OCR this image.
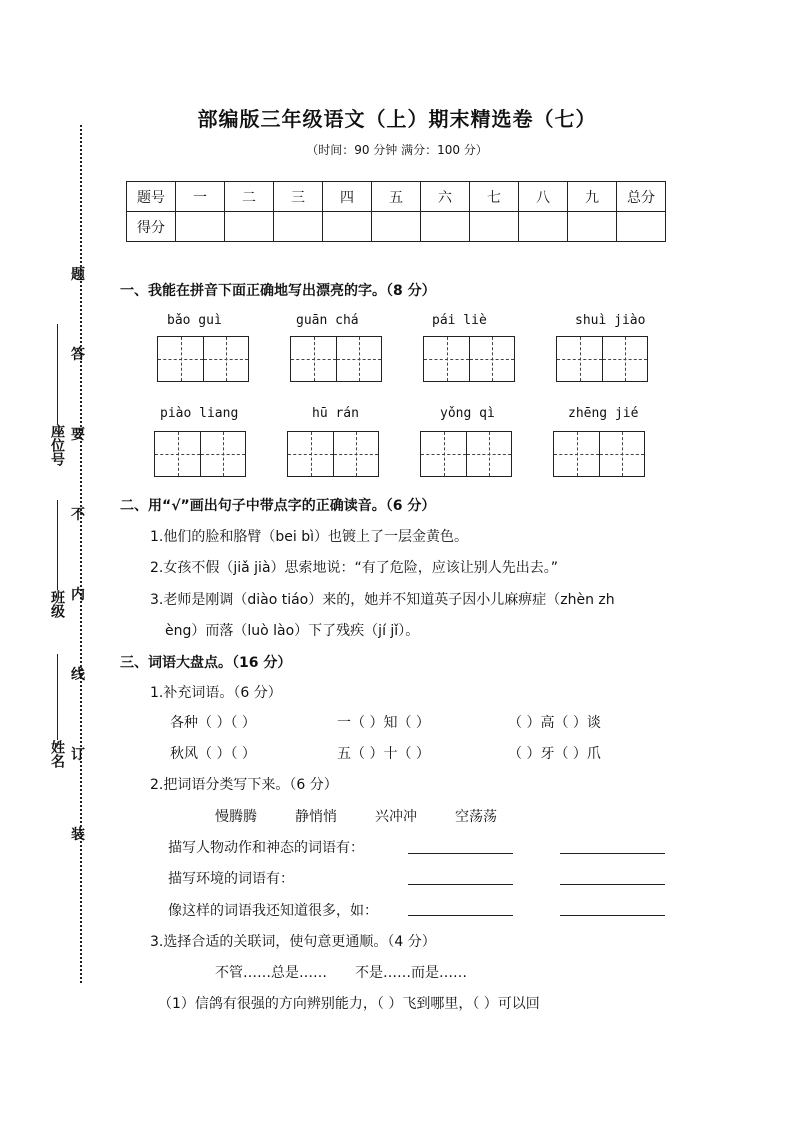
题
答
要
不
内
线
订
装
座位号
班级
姓名
部编版三年级语文（上）期末精选卷（七）
（时间：90 分钟 满分：100 分）
题号	一	二	三	四	五	六	七	八	九	总分
得分										
一、我能在拼音下面正确地写出漂亮的字。（8 分）
bǎo guì	guān chá	pái liè	shuì jiào
piào liang	hū rán	yǒng qì	zhēng jié
二、用“√”画出句子中带点字的正确读音。（6 分）
1.他们的脸和胳臂（bei bì）也镀上了一层金黄色。
2.女孩不假（jiǎ jià）思索地说：“有了危险，应该让别人先出去。”
3.老师是刚调（diào tiáo）来的，她并不知道英子因小儿麻痹症（zhèn zh
èng）而落（luò lào）下了残疾（jí jǐ）。
三、词语大盘点。（16 分）
1.补充词语。（6 分）
各种（ ）（ ）	一（ ）知（ ）	（ ）高（ ）谈
秋风（ ）（ ）	五（ ）十（ ）	（ ）牙（ ）爪
2.把词语分类写下来。（6 分）
慢腾腾	静悄悄	兴冲冲	空荡荡
描写人物动作和神态的词语有：
描写环境的词语有：
像这样的词语我还知道很多，如：
3.选择合适的关联词，使句意更通顺。（4 分）
不管……总是…… 不是……而是……
（1）信鸽有很强的方向辨别能力，（ ）飞到哪里，（ ）可以回
